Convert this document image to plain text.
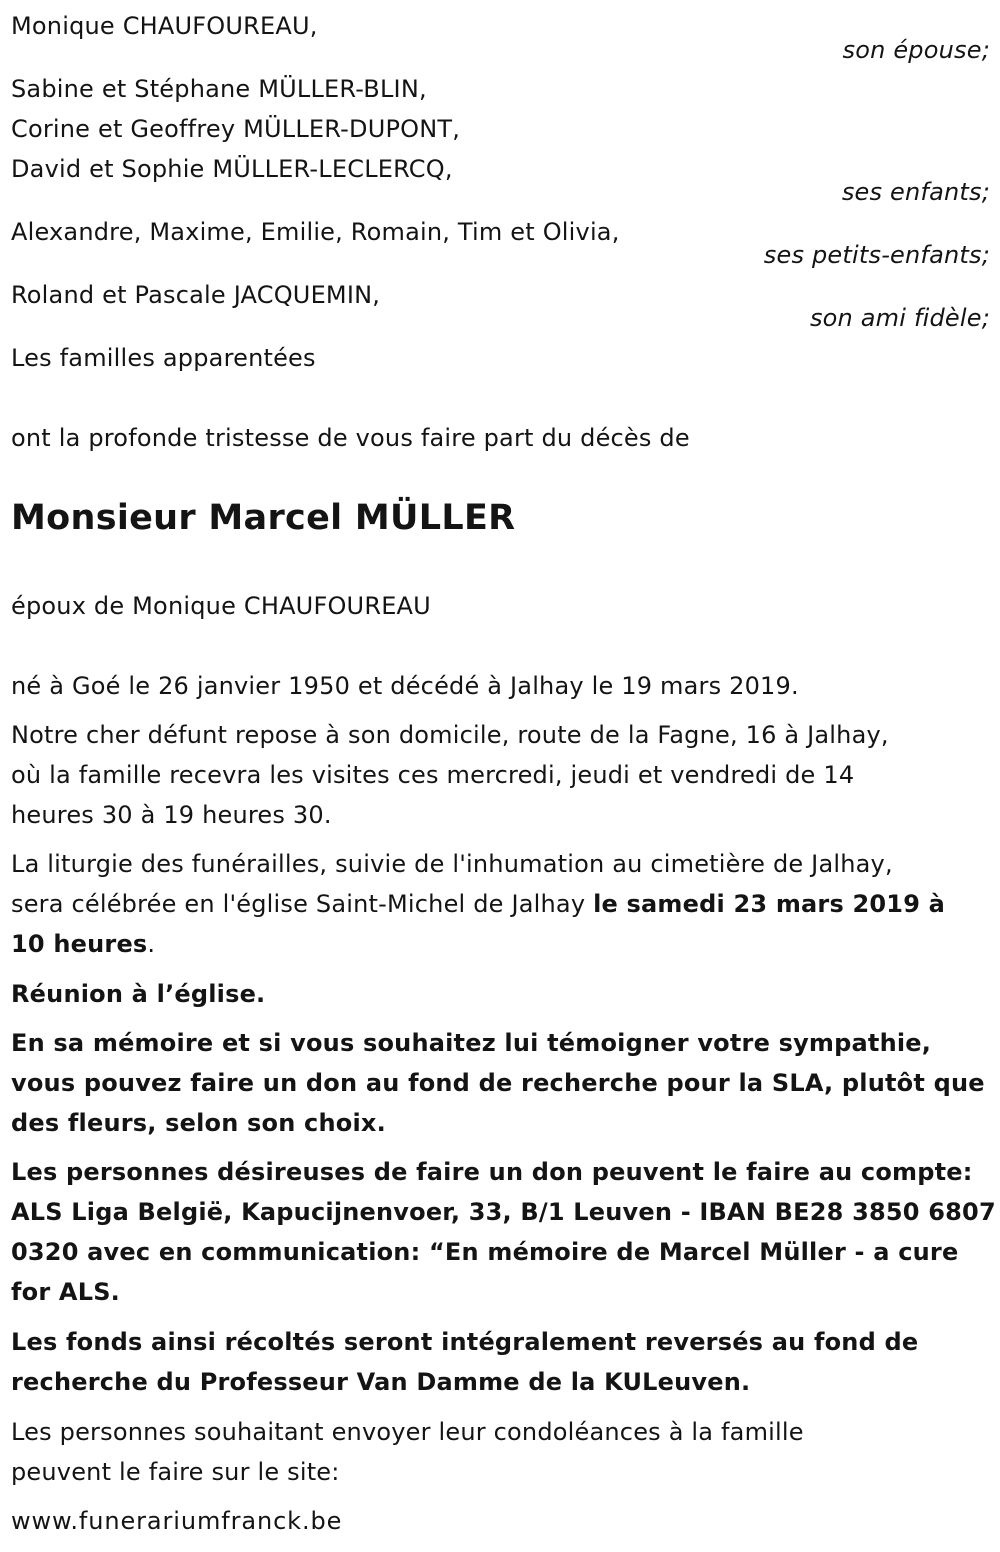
Monique CHAUFOUREAU,
son épouse;
Sabine et Stéphane MÜLLER-BLIN,
Corine et Geoffrey MÜLLER-DUPONT,
David et Sophie MÜLLER-LECLERCQ,
ses enfants;
Alexandre, Maxime, Emilie, Romain, Tim et Olivia,
ses petits-enfants;
Roland et Pascale JACQUEMIN,
son ami fidèle;
Les familles apparentées
ont la profonde tristesse de vous faire part du décès de
Monsieur Marcel MÜLLER
époux de Monique CHAUFOUREAU
né à Goé le 26 janvier 1950 et décédé à Jalhay le 19 mars 2019.
Notre cher défunt repose à son domicile, route de la Fagne, 16 à Jalhay,
où la famille recevra les visites ces mercredi, jeudi et vendredi de 14
heures 30 à 19 heures 30.
La liturgie des funérailles, suivie de l'inhumation au cimetière de Jalhay,
sera célébrée en l'église Saint-Michel de Jalhay le samedi 23 mars 2019 à
10 heures.
Réunion à l’église.
En sa mémoire et si vous souhaitez lui témoigner votre sympathie,
vous pouvez faire un don au fond de recherche pour la SLA, plutôt que
des fleurs, selon son choix.
Les personnes désireuses de faire un don peuvent le faire au compte:
ALS Liga België, Kapucijnenvoer, 33, B/1 Leuven - IBAN BE28 3850 6807
0320 avec en communication: “En mémoire de Marcel Müller - a cure
for ALS.
Les fonds ainsi récoltés seront intégralement reversés au fond de
recherche du Professeur Van Damme de la KULeuven.
Les personnes souhaitant envoyer leur condoléances à la famille
peuvent le faire sur le site:
www.funerariumfranck.be
